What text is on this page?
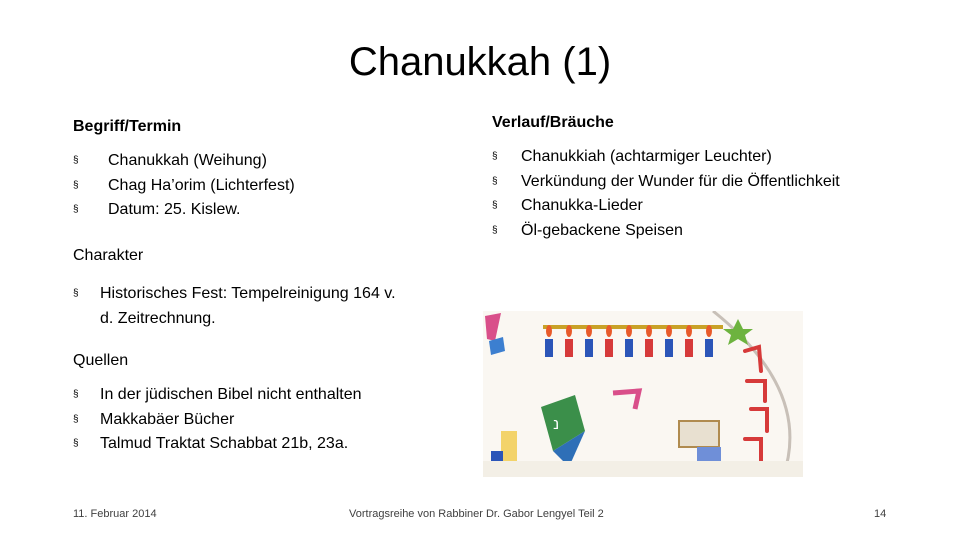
Chanukkah (1)
Begriff/Termin
§	Chanukkah (Weihung)
§	Chag Ha’orim (Lichterfest)
§	Datum: 25. Kislew.
Verlauf/Bräuche
§	Chanukkiah (achtarmiger Leuchter)
§	Verkündung der Wunder für die Öffentlichkeit
§	Chanukka-Lieder
§	Öl-gebackene Speisen
Charakter
§	Historisches Fest: Tempelreinigung 164 v. d. Zeitrechnung.
Quellen
§	In der jüdischen Bibel nicht enthalten
§	Makkabäer Bücher
§	Talmud Traktat Schabbat 21b, 23a.
נ
11. Februar 2014	Vortragsreihe von Rabbiner Dr. Gabor Lengyel Teil 2	14
